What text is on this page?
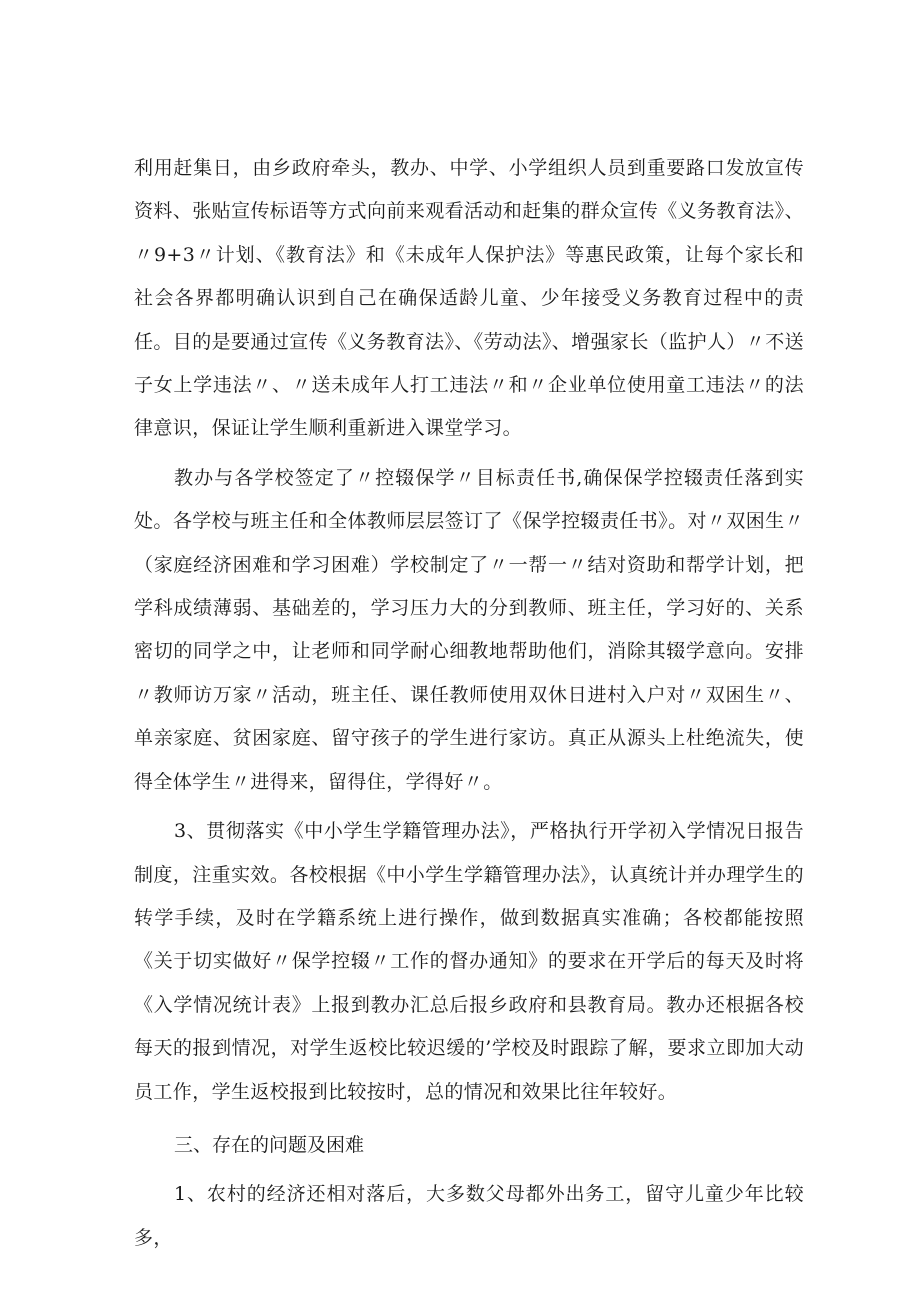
利用赶集日，由乡政府牵头，教办、中学、小学组织人员到重要路口发放宣传资料、张贴宣传标语等方式向前来观看活动和赶集的群众宣传《义务教育法》、〃9+3〃计划、《教育法》和《未成年人保护法》等惠民政策，让每个家长和社会各界都明确认识到自己在确保适龄儿童、少年接受义务教育过程中的责任。目的是要通过宣传《义务教育法》、《劳动法》、增强家长（监护人）〃不送子女上学违法〃、〃送未成年人打工违法〃和〃企业单位使用童工违法〃的法律意识，保证让学生顺利重新进入课堂学习。

教办与各学校签定了〃控辍保学〃目标责任书,确保保学控辍责任落到实处。各学校与班主任和全体教师层层签订了《保学控辍责任书》。对〃双困生〃（家庭经济困难和学习困难）学校制定了〃一帮一〃结对资助和帮学计划，把学科成绩薄弱、基础差的，学习压力大的分到教师、班主任，学习好的、关系密切的同学之中，让老师和同学耐心细教地帮助他们，消除其辍学意向。安排〃教师访万家〃活动，班主任、课任教师使用双休日进村入户对〃双困生〃、单亲家庭、贫困家庭、留守孩子的学生进行家访。真正从源头上杜绝流失，使得全体学生〃进得来，留得住，学得好〃。

3、贯彻落实《中小学生学籍管理办法》，严格执行开学初入学情况日报告制度，注重实效。各校根据《中小学生学籍管理办法》，认真统计并办理学生的转学手续，及时在学籍系统上进行操作，做到数据真实准确；各校都能按照《关于切实做好〃保学控辍〃工作的督办通知》的要求在开学后的每天及时将《入学情况统计表》上报到教办汇总后报乡政府和县教育局。教办还根据各校每天的报到情况，对学生返校比较迟缓的’学校及时跟踪了解，要求立即加大动员工作，学生返校报到比较按时，总的情况和效果比往年较好。

三、存在的问题及困难

1、农村的经济还相对落后，大多数父母都外出务工，留守儿童少年比较多，
